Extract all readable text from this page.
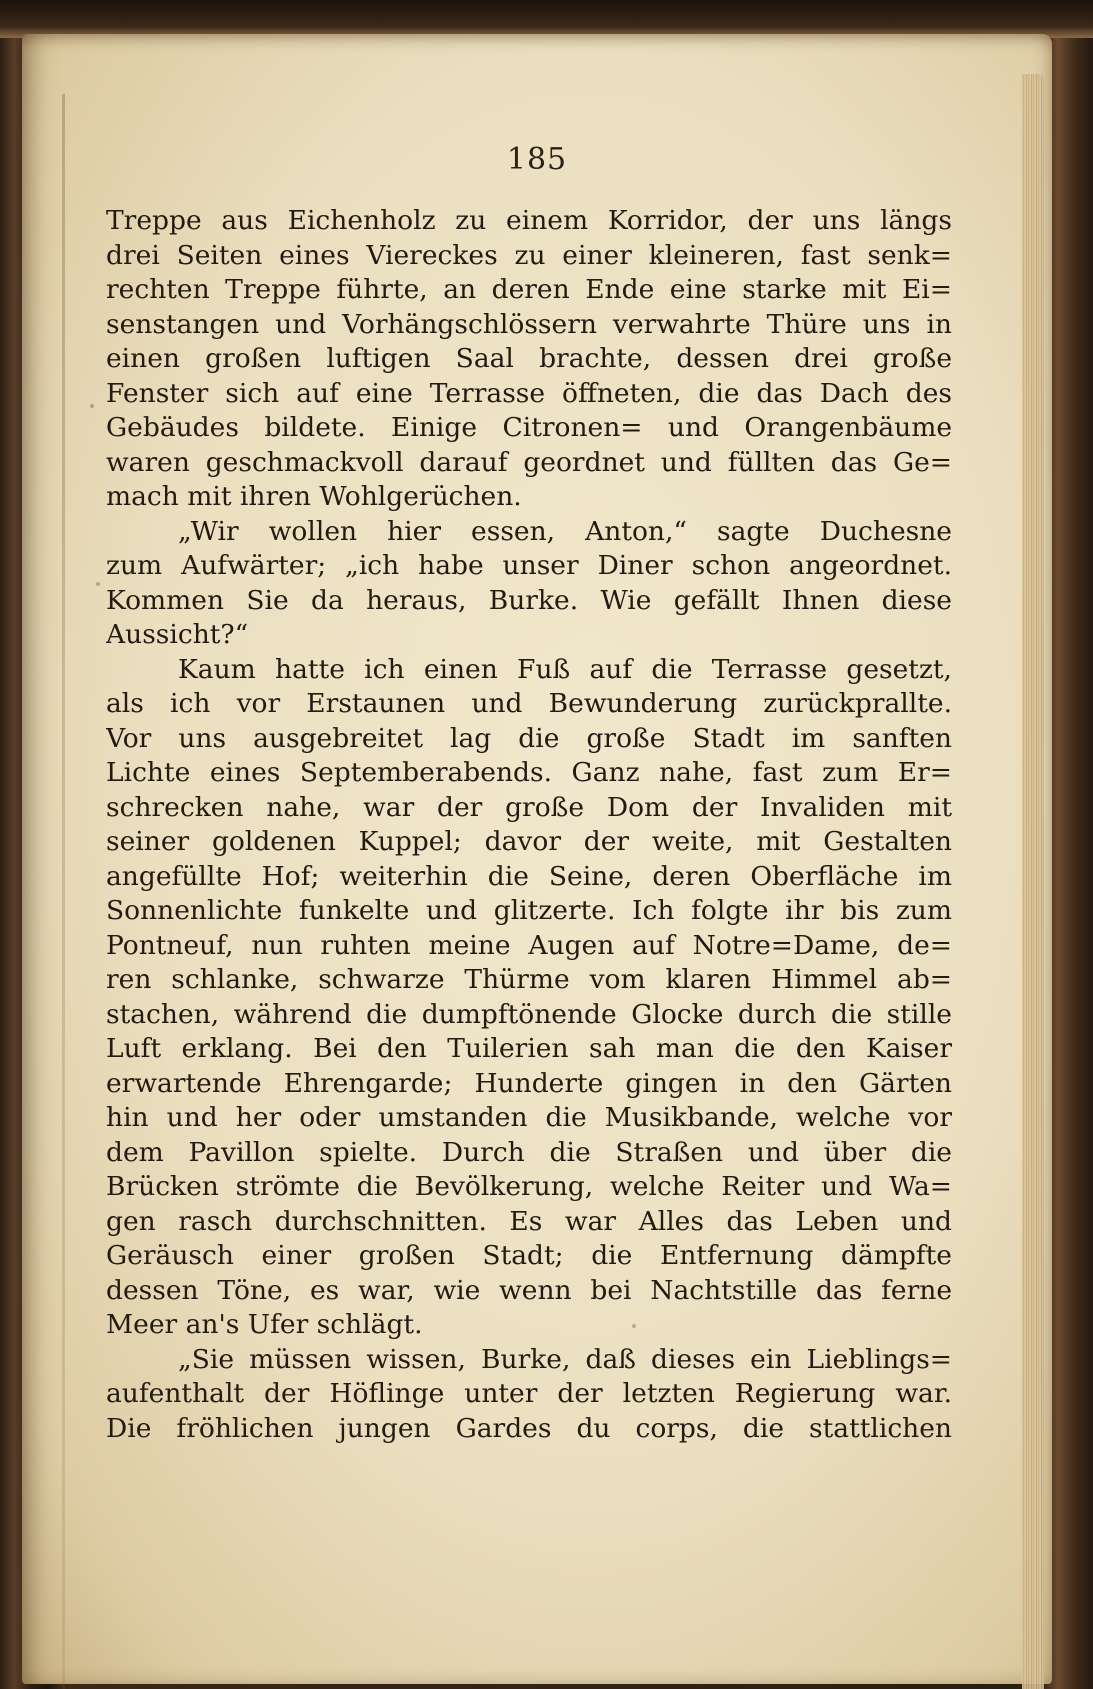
185
Treppe aus Eichenholz zu einem Korridor, der uns längs
drei Seiten eines Viereckes zu einer kleineren, fast senk=
rechten Treppe führte, an deren Ende eine starke mit Ei=
senstangen und Vorhängschlössern verwahrte Thüre uns in
einen großen luftigen Saal brachte, dessen drei große
Fenster sich auf eine Terrasse öffneten, die das Dach des
Gebäudes bildete. Einige Citronen= und Orangenbäume
waren geschmackvoll darauf geordnet und füllten das Ge=
mach mit ihren Wohlgerüchen.
„Wir wollen hier essen, Anton,“ sagte Duchesne
zum Aufwärter; „ich habe unser Diner schon angeordnet.
Kommen Sie da heraus, Burke. Wie gefällt Ihnen diese
Aussicht?“
Kaum hatte ich einen Fuß auf die Terrasse gesetzt,
als ich vor Erstaunen und Bewunderung zurückprallte.
Vor uns ausgebreitet lag die große Stadt im sanften
Lichte eines Septemberabends. Ganz nahe, fast zum Er=
schrecken nahe, war der große Dom der Invaliden mit
seiner goldenen Kuppel; davor der weite, mit Gestalten
angefüllte Hof; weiterhin die Seine, deren Oberfläche im
Sonnenlichte funkelte und glitzerte. Ich folgte ihr bis zum
Pontneuf, nun ruhten meine Augen auf Notre=Dame, de=
ren schlanke, schwarze Thürme vom klaren Himmel ab=
stachen, während die dumpftönende Glocke durch die stille
Luft erklang. Bei den Tuilerien sah man die den Kaiser
erwartende Ehrengarde; Hunderte gingen in den Gärten
hin und her oder umstanden die Musikbande, welche vor
dem Pavillon spielte. Durch die Straßen und über die
Brücken strömte die Bevölkerung, welche Reiter und Wa=
gen rasch durchschnitten. Es war Alles das Leben und
Geräusch einer großen Stadt; die Entfernung dämpfte
dessen Töne, es war, wie wenn bei Nachtstille das ferne
Meer an's Ufer schlägt.
„Sie müssen wissen, Burke, daß dieses ein Lieblings=
aufenthalt der Höflinge unter der letzten Regierung war.
Die fröhlichen jungen Gardes du corps, die stattlichen
